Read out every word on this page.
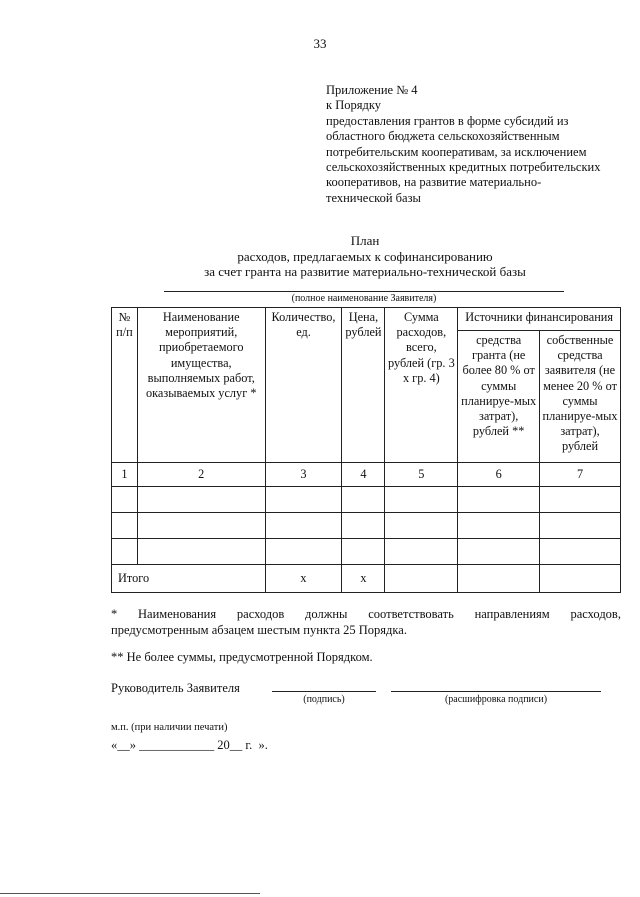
33
Приложение № 4
к Порядку
предоставления грантов в форме субсидий из
областного бюджета сельскохозяйственным
потребительским кооперативам, за исключением
сельскохозяйственных кредитных потребительских
кооперативов, на развитие материально-
технической базы
План
расходов, предлагаемых к софинансированию
за счет гранта на развитие материально-технической базы
(полное наименование Заявителя)
№ п/п	Наименование мероприятий, приобретаемого имущества, выполняемых работ, оказываемых услуг *	Количество, ед.	Цена, рублей	Сумма расходов, всего, рублей (гр. 3 х гр. 4)	Источники финансирования	
					средства гранта (не более 80 % от суммы планируе-мых затрат), рублей **	собственные средства заявителя (не менее 20 % от суммы планируе-мых затрат), рублей
1	2	3	4	5	6	7

Итого		х	х			
* Наименования расходов должны соответствовать направлениям расходов,
предусмотренным абзацем шестым пункта 25 Порядка.
** Не более суммы, предусмотренной Порядком.
Руководитель Заявителя
(подпись)	(расшифровка подписи)
м.п. (при наличии печати)
«__» ____________ 20__ г.  ».
